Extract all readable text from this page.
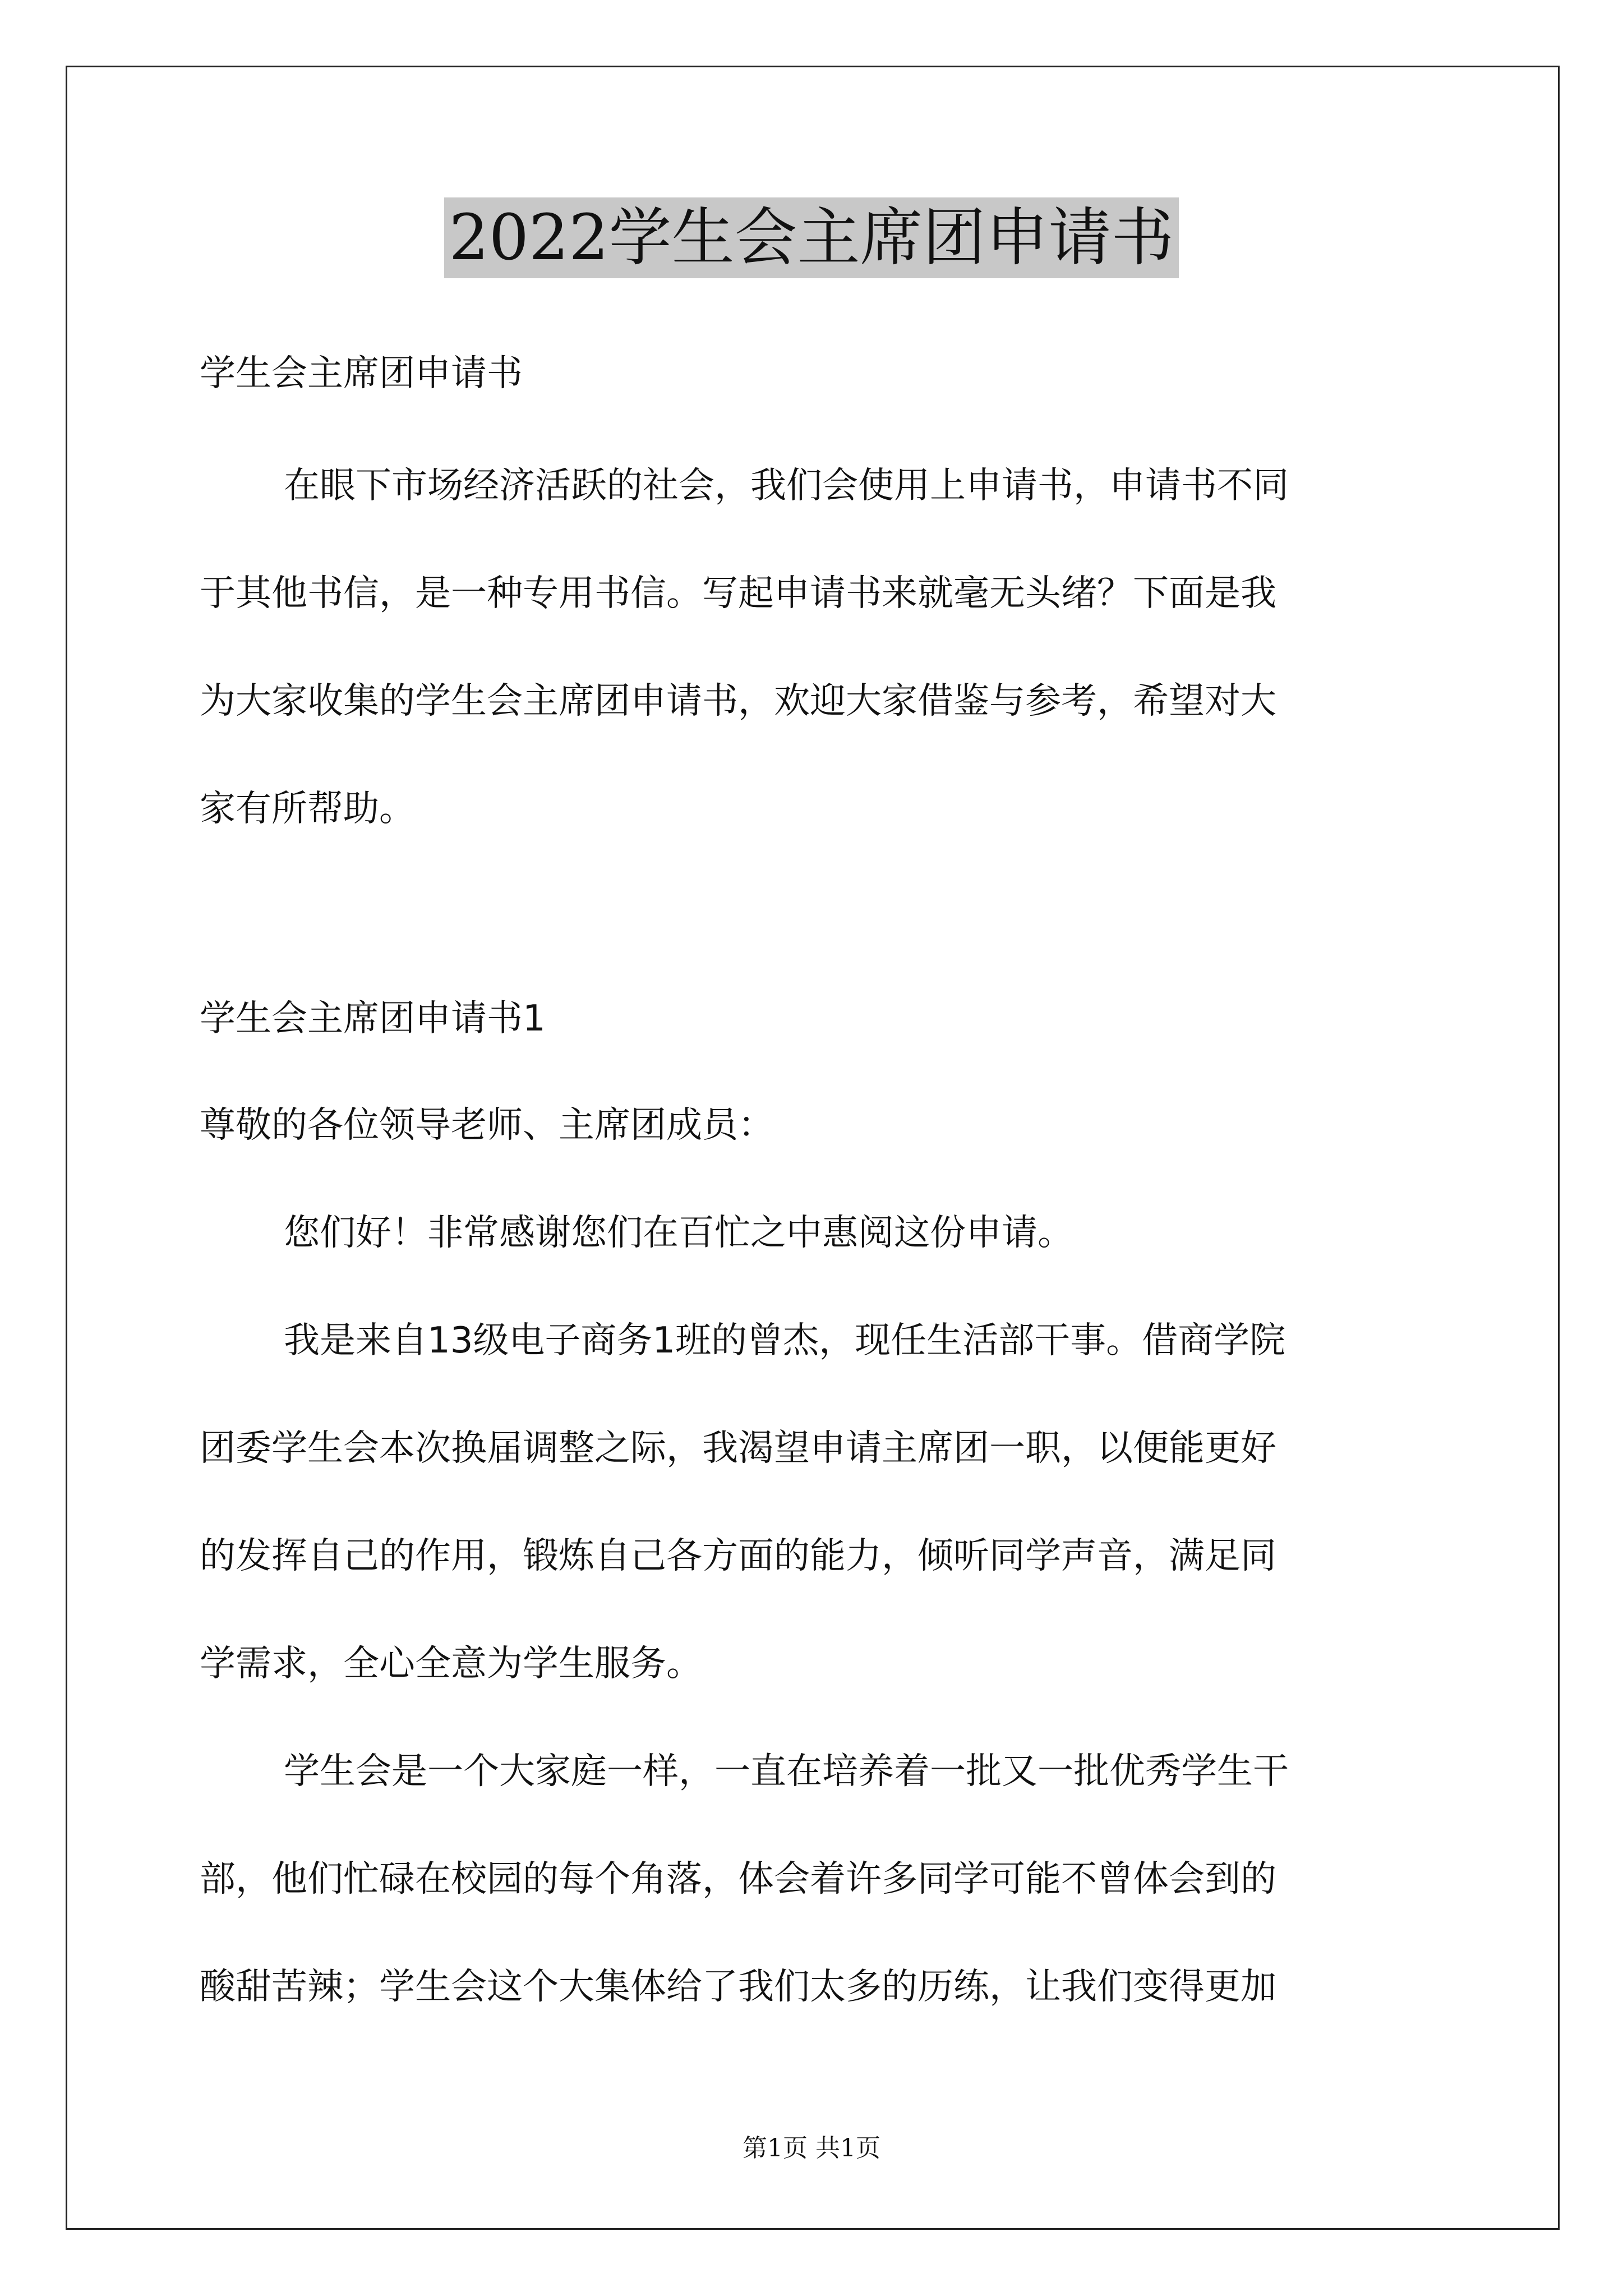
2022学生会主席团申请书

学生会主席团申请书

在眼下市场经济活跃的社会，我们会使用上申请书，申请书不同

于其他书信，是一种专用书信。写起申请书来就毫无头绪？下面是我

为大家收集的学生会主席团申请书，欢迎大家借鉴与参考，希望对大

家有所帮助。

学生会主席团申请书1

尊敬的各位领导老师、主席团成员：

您们好！非常感谢您们在百忙之中惠阅这份申请。

我是来自13级电子商务1班的曾杰，现任生活部干事。借商学院

团委学生会本次换届调整之际，我渴望申请主席团一职，以便能更好

的发挥自己的作用，锻炼自己各方面的能力，倾听同学声音，满足同

学需求，全心全意为学生服务。

学生会是一个大家庭一样，一直在培养着一批又一批优秀学生干

部，他们忙碌在校园的每个角落，体会着许多同学可能不曾体会到的

酸甜苦辣；学生会这个大集体给了我们太多的历练，让我们变得更加

第1页 共1页
